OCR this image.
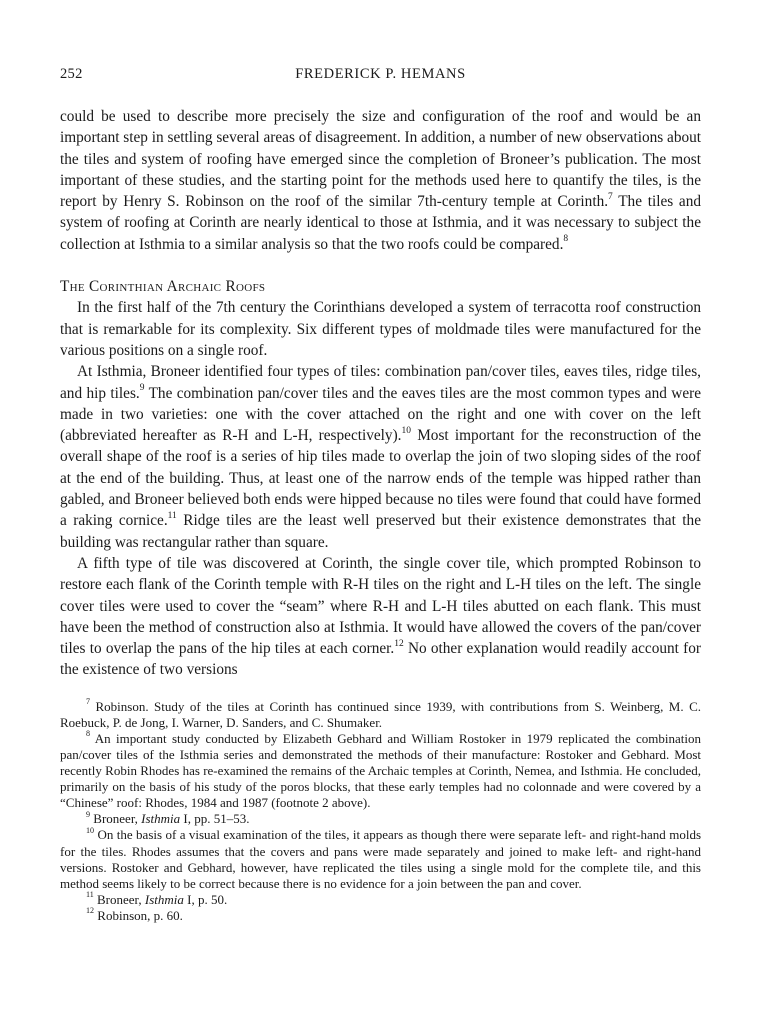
252	FREDERICK P. HEMANS

could be used to describe more precisely the size and configuration of the roof and would be an important step in settling several areas of disagreement. In addition, a number of new observations about the tiles and system of roofing have emerged since the completion of Broneer’s publication. The most important of these studies, and the starting point for the methods used here to quantify the tiles, is the report by Henry S. Robinson on the roof of the similar 7th-century temple at Corinth.$^7$ The tiles and system of roofing at Corinth are nearly identical to those at Isthmia, and it was necessary to subject the collection at Isthmia to a similar analysis so that the two roofs could be compared.$^8$

The Corinthian Archaic Roofs

In the first half of the 7th century the Corinthians developed a system of terracotta roof construction that is remarkable for its complexity. Six different types of moldmade tiles were manufactured for the various positions on a single roof.

At Isthmia, Broneer identified four types of tiles: combination pan/cover tiles, eaves tiles, ridge tiles, and hip tiles.$^9$ The combination pan/cover tiles and the eaves tiles are the most common types and were made in two varieties: one with the cover attached on the right and one with cover on the left (abbreviated hereafter as R-H and L-H, respectively).$^{10}$ Most important for the reconstruction of the overall shape of the roof is a series of hip tiles made to overlap the join of two sloping sides of the roof at the end of the building. Thus, at least one of the narrow ends of the temple was hipped rather than gabled, and Broneer believed both ends were hipped because no tiles were found that could have formed a raking cornice.$^{11}$ Ridge tiles are the least well preserved but their existence demonstrates that the building was rectangular rather than square.

A fifth type of tile was discovered at Corinth, the single cover tile, which prompted Robinson to restore each flank of the Corinth temple with R-H tiles on the right and L-H tiles on the left. The single cover tiles were used to cover the “seam” where R-H and L-H tiles abutted on each flank. This must have been the method of construction also at Isthmia. It would have allowed the covers of the pan/cover tiles to overlap the pans of the hip tiles at each corner.$^{12}$ No other explanation would readily account for the existence of two versions

$^7$ Robinson. Study of the tiles at Corinth has continued since 1939, with contributions from S. Weinberg, M. C. Roebuck, P. de Jong, I. Warner, D. Sanders, and C. Shumaker.

$^8$ An important study conducted by Elizabeth Gebhard and William Rostoker in 1979 replicated the combination pan/cover tiles of the Isthmia series and demonstrated the methods of their manufacture: Rostoker and Gebhard. Most recently Robin Rhodes has re-examined the remains of the Archaic temples at Corinth, Nemea, and Isthmia. He concluded, primarily on the basis of his study of the poros blocks, that these early temples had no colonnade and were covered by a “Chinese” roof: Rhodes, 1984 and 1987 (footnote 2 above).

$^9$ Broneer, Isthmia I, pp. 51–53.

$^{10}$ On the basis of a visual examination of the tiles, it appears as though there were separate left- and right-hand molds for the tiles. Rhodes assumes that the covers and pans were made separately and joined to make left- and right-hand versions. Rostoker and Gebhard, however, have replicated the tiles using a single mold for the complete tile, and this method seems likely to be correct because there is no evidence for a join between the pan and cover.

$^{11}$ Broneer, Isthmia I, p. 50.

$^{12}$ Robinson, p. 60.
